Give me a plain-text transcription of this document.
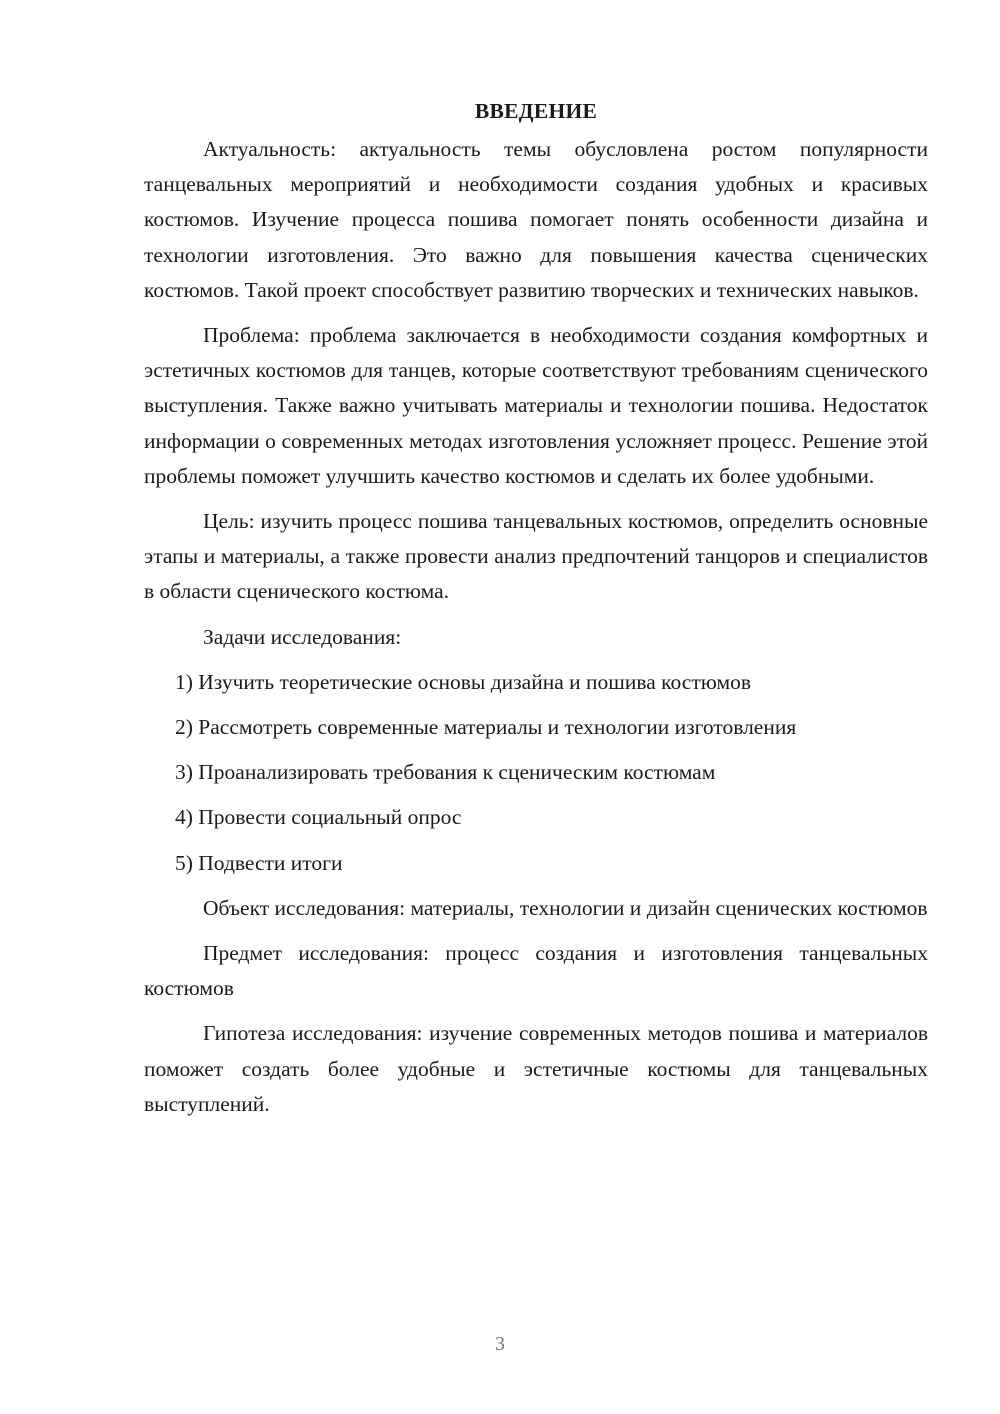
ВВЕДЕНИЕ

Актуальность: актуальность темы обусловлена ростом популярности танцевальных мероприятий и необходимости создания удобных и красивых костюмов. Изучение процесса пошива помогает понять особенности дизайна и технологии изготовления. Это важно для повышения качества сценических костюмов. Такой проект способствует развитию творческих и технических навыков.

Проблема: проблема заключается в необходимости создания комфортных и эстетичных костюмов для танцев, которые соответствуют требованиям сценического выступления. Также важно учитывать материалы и технологии пошива. Недостаток информации о современных методах изготовления усложняет процесс. Решение этой проблемы поможет улучшить качество костюмов и сделать их более удобными.

Цель: изучить процесс пошива танцевальных костюмов, определить основные этапы и материалы, а также провести анализ предпочтений танцоров и специалистов в области сценического костюма.

Задачи исследования:

1) Изучить теоретические основы дизайна и пошива костюмов
2) Рассмотреть современные материалы и технологии изготовления
3) Проанализировать требования к сценическим костюмам
4) Провести социальный опрос
5) Подвести итоги

Объект исследования: материалы, технологии и дизайн сценических костюмов

Предмет исследования: процесс создания и изготовления танцевальных костюмов

Гипотеза исследования: изучение современных методов пошива и материалов поможет создать более удобные и эстетичные костюмы для танцевальных выступлений.

3
